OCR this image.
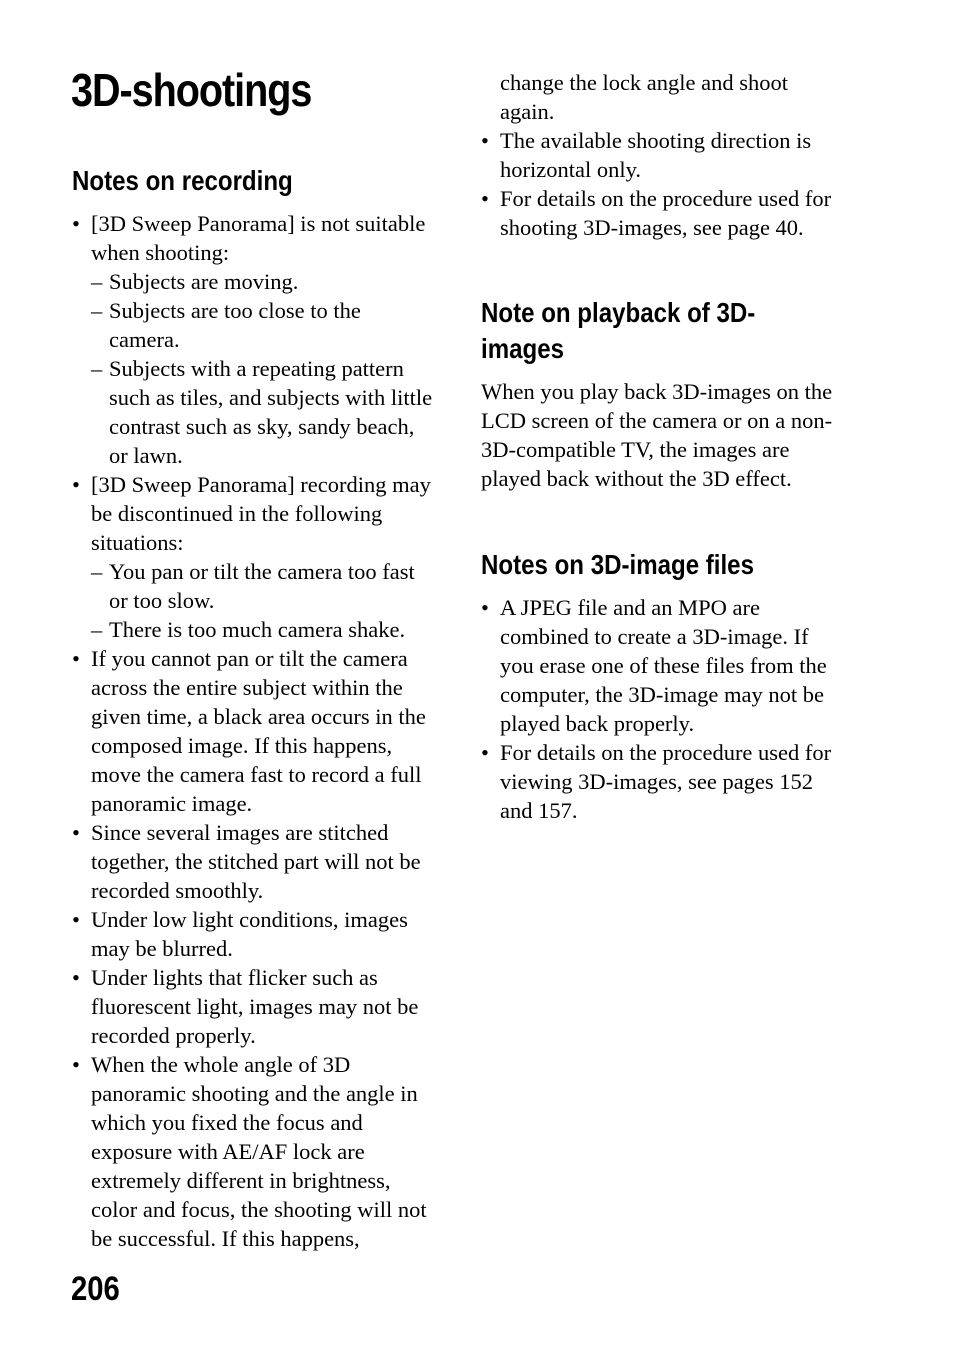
3D-shootings
Notes on recording
• [3D Sweep Panorama] is not suitable when shooting:
– Subjects are moving.
– Subjects are too close to the camera.
– Subjects with a repeating pattern such as tiles, and subjects with little contrast such as sky, sandy beach, or lawn.
• [3D Sweep Panorama] recording may be discontinued in the following situations:
– You pan or tilt the camera too fast or too slow.
– There is too much camera shake.
• If you cannot pan or tilt the camera across the entire subject within the given time, a black area occurs in the composed image. If this happens, move the camera fast to record a full panoramic image.
• Since several images are stitched together, the stitched part will not be recorded smoothly.
• Under low light conditions, images may be blurred.
• Under lights that flicker such as fluorescent light, images may not be recorded properly.
• When the whole angle of 3D panoramic shooting and the angle in which you fixed the focus and exposure with AE/AF lock are extremely different in brightness, color and focus, the shooting will not be successful. If this happens,
change the lock angle and shoot again.
• The available shooting direction is horizontal only.
• For details on the procedure used for shooting 3D-images, see page 40.
Note on playback of 3D-
images

When you play back 3D-images on the LCD screen of the camera or on a non-3D-compatible TV, the images are played back without the 3D effect.

Notes on 3D-image files
• A JPEG file and an MPO are combined to create a 3D-image. If you erase one of these files from the computer, the 3D-image may not be played back properly.
• For details on the procedure used for viewing 3D-images, see pages 152 and 157.
206
